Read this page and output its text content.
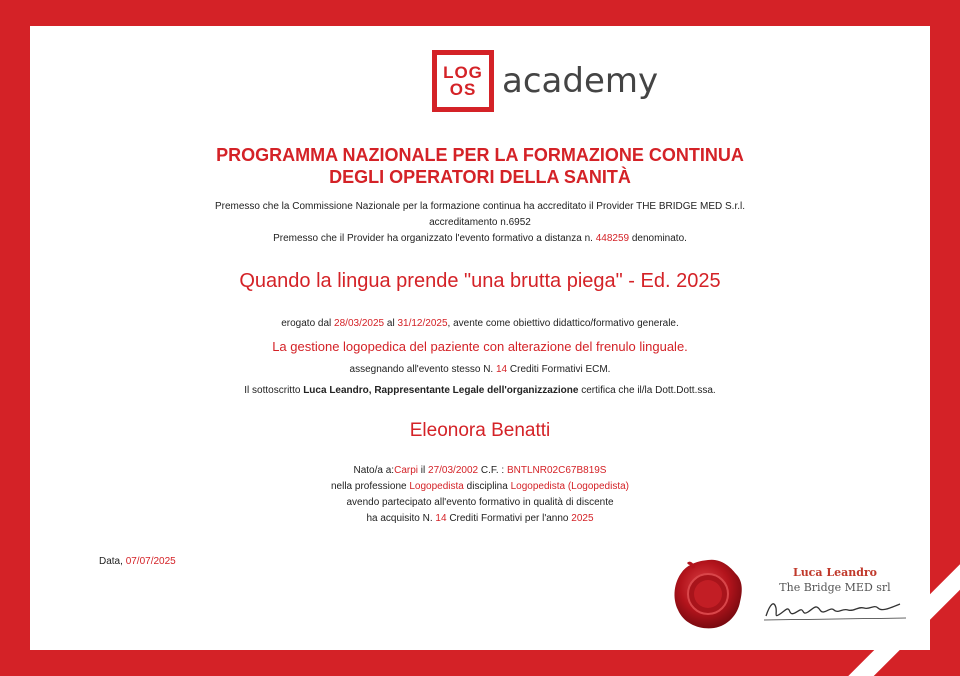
LOG
OS academy
PROGRAMMA NAZIONALE PER LA FORMAZIONE CONTINUA
DEGLI OPERATORI DELLA SANITÀ
Premesso che la Commissione Nazionale per la formazione continua ha accreditato il Provider THE BRIDGE MED S.r.l.
accreditamento n.6952
Premesso che il Provider ha organizzato l'evento formativo a distanza n. 448259 denominato.
Quando la lingua prende "una brutta piega" - Ed. 2025
erogato dal 28/03/2025 al 31/12/2025, avente come obiettivo didattico/formativo generale.
La gestione logopedica del paziente con alterazione del frenulo linguale.
assegnando all'evento stesso N. 14 Crediti Formativi ECM.
Il sottoscritto Luca Leandro, Rappresentante Legale dell'organizzazione certifica che il/la Dott.Dott.ssa.
Eleonora Benatti
Nato/a a:Carpi il 27/03/2002 C.F. : BNTLNR02C67B819S
nella professione Logopedista disciplina Logopedista (Logopedista)
avendo partecipato all'evento formativo in qualità di discente
ha acquisito N. 14 Crediti Formativi per l'anno 2025
Data, 07/07/2025
Luca Leandro
The Bridge MED srl
